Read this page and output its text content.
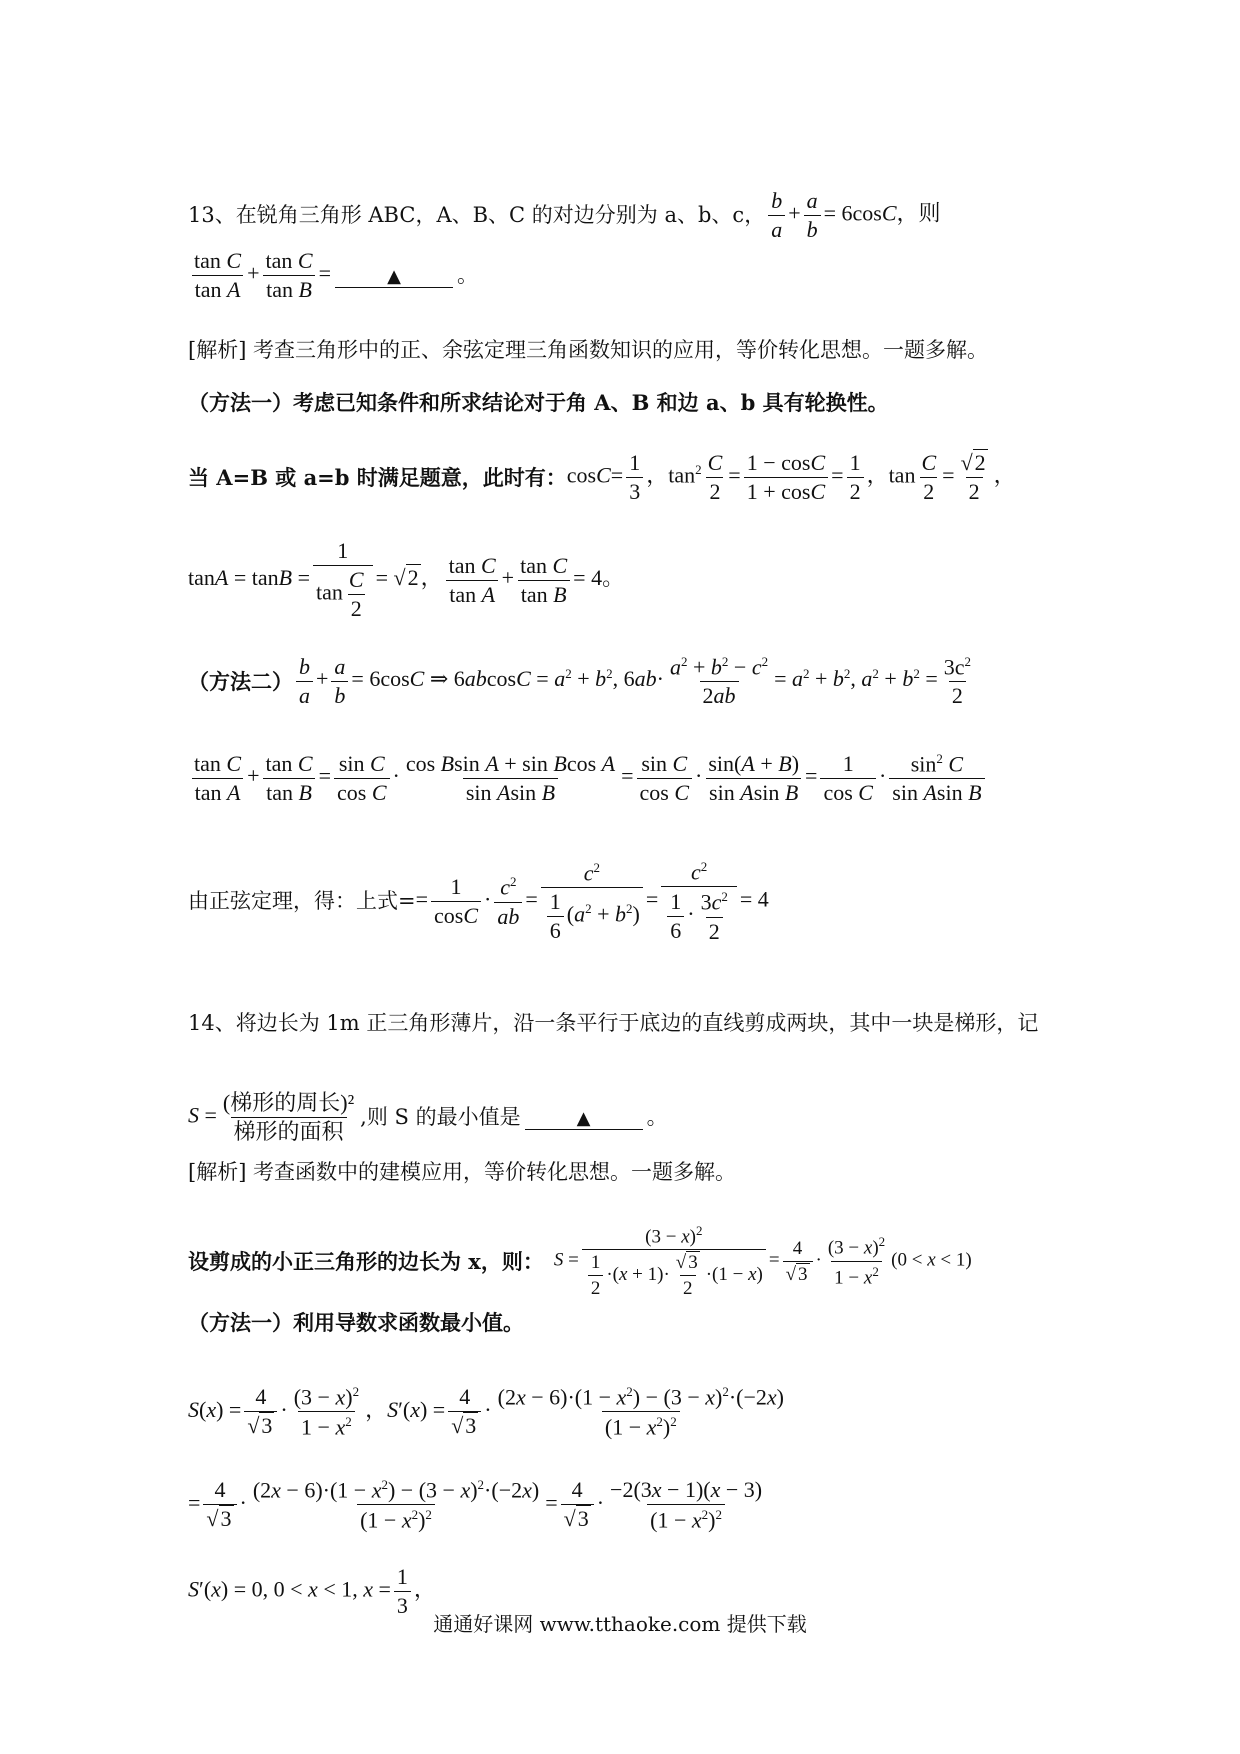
13、在锐角三角形 ABC，A、B、C 的对边分别为 a、b、c， $\frac{b}{a} + \frac{a}{b} = 6\cos C$，则
$\frac{\text{tan C}}{\text{tan A}} + \frac{\text{tan C}}{\text{tan B}}$ =	▲	。
[解析] 考查三角形中的正、余弦定理三角函数知识的应用，等价转化思想。一题多解。
（方法一）考虑已知条件和所求结论对于角 A、B 和边 a、b 具有轮换性。
当 A=B 或 a=b 时满足题意，此时有： $\cos C= \frac{1}{3}$ ，$\tan^2 \frac{C}{2} = \frac{1 - \cos C}{1 + \cos C} = \frac{1}{2}$ ，$\tan \frac{C}{2} = \frac{√2}{2}$ ，
$\tan A = \tan B = \frac{1}{\tan \frac{C}{2}} = √2$， $\frac{\text{tan C}}{\text{tan A}} + \frac{\text{tan C}}{\text{tan B}} = 4$。
（方法二） $\frac{b}{a} + \frac{a}{b} = 6\cos C$ ⇒ $6abcosC = a^2 + b^2$, $6ab\cdot \frac{a^2 + b^2 - c^2}{2ab} = a^2 + b^2$, $a^2 + b^2 = \frac{3c^2}{2}$
$\frac{\text{tan C}}{\text{tan A}} + \frac{\text{tan C}}{\text{tan B}} = \frac{\text{sin C}}{\text{cos C}} \cdot \frac{\text{cos Bsin A + sin Bcos A}}{\text{sin Asin B}} = \frac{\text{sin C}}{\text{cos C}} \cdot \frac{\sin(A + B)}{\text{sin Asin B}} = \frac{1}{\text{cos C}} \cdot \frac{\sin^2 C}{\text{sin Asin B}}$
由正弦定理，得：上式= = $\frac{1}{\cos C} \cdot \frac{c^2}{ab} = \frac{c^2}{\frac{1}{6} (a^2 + b^2)} = \frac{c^2}{\frac{1}{6} \cdot \frac{3c^2}{2}} = 4$
14、将边长为 1m 正三角形薄片，沿一条平行于底边的直线剪成两块，其中一块是梯形，记
S =
(梯形的周长)²
梯形的面积
,则 S 的最小值是	▲	。
[解析] 考查函数中的建模应用，等价转化思想。一题多解。
设剪成的小正三角形的边长为 x，则： $S = \frac{(3 - x)^2}{\frac{1}{2} \cdot(x + 1)\cdot \frac{√ 3}{2} \cdot(1 - x)} = \frac{4}{√ 3} \cdot \frac{(3 - x)^2}{1 - x^2} (0 < x < 1)$
（方法一）利用导数求函数最小值。
$S(x) = \frac{4}{√3} \cdot \frac{(3 - x)^2}{1 - x^2}$ ，$S'(x) = \frac{4}{√3} \cdot \frac{(2x - 6)\cdot(1 - x^2) - (3 - x)^2\cdot(-2x)}{(1 - x^2)^2}$
= $\frac{4}{√3} \cdot \frac{(2x - 6)\cdot(1 - x^2) - (3 - x)^2\cdot(-2x)}{(1 - x^2)^2} = \frac{4}{√3} \cdot \frac{-2(3x - 1)(x - 3)}{(1 - x^2)^2}$
S′(x) = 0, 0 < x < 1, $x = \frac{1}{3}$ ，
通通好课网 www.tthaoke.com 提供下载
